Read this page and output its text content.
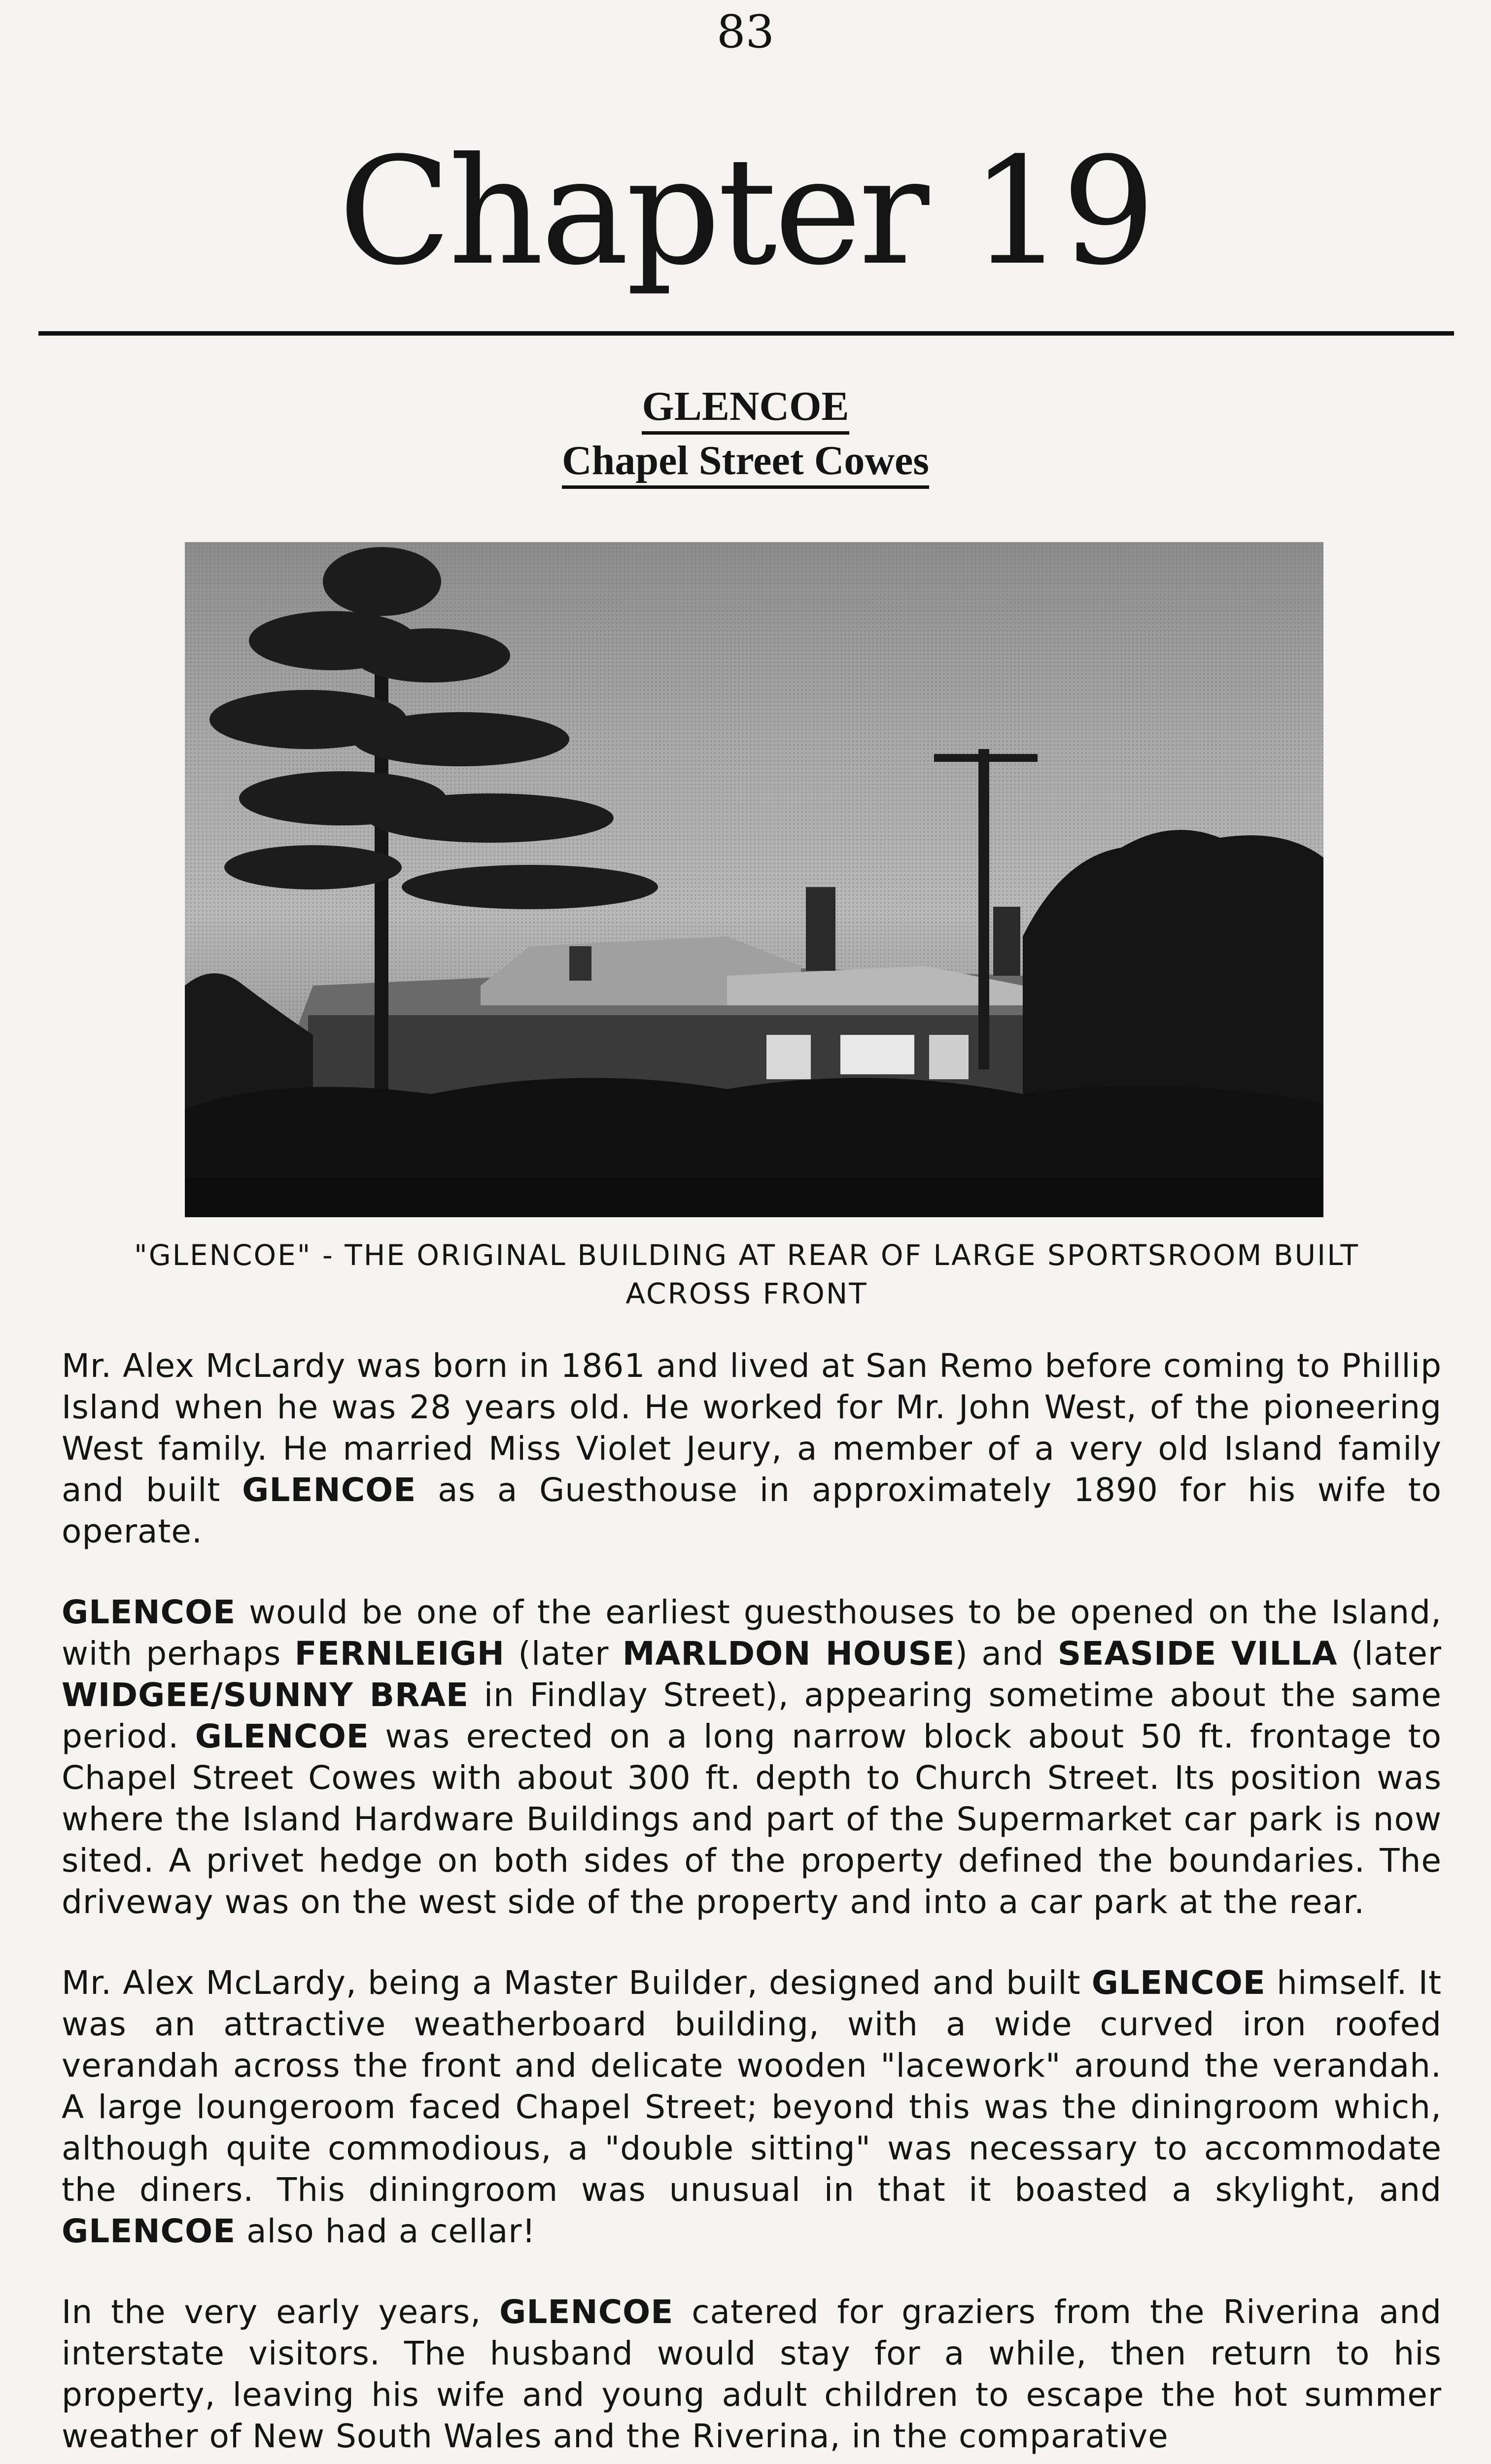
83
Chapter 19
GLENCOE
Chapel Street Cowes
"GLENCOE" - THE ORIGINAL BUILDING AT REAR OF LARGE SPORTSROOM BUILT ACROSS FRONT

Mr. Alex McLardy was born in 1861 and lived at San Remo before coming to Phillip Island when he was 28 years old. He worked for Mr. John West, of the pioneering West family. He married Miss Violet Jeury, a member of a very old Island family and built GLENCOE as a Guesthouse in approximately 1890 for his wife to operate.

GLENCOE would be one of the earliest guesthouses to be opened on the Island, with perhaps FERNLEIGH (later MARLDON HOUSE) and SEASIDE VILLA (later WIDGEE/SUNNY BRAE in Findlay Street), appearing sometime about the same period. GLENCOE was erected on a long narrow block about 50 ft. frontage to Chapel Street Cowes with about 300 ft. depth to Church Street. Its position was where the Island Hardware Buildings and part of the Supermarket car park is now sited. A privet hedge on both sides of the property defined the boundaries. The driveway was on the west side of the property and into a car park at the rear.

Mr. Alex McLardy, being a Master Builder, designed and built GLENCOE himself. It was an attractive weatherboard building, with a wide curved iron roofed verandah across the front and delicate wooden "lacework" around the verandah. A large loungeroom faced Chapel Street; beyond this was the diningroom which, although quite commodious, a "double sitting" was necessary to accommodate the diners. This diningroom was unusual in that it boasted a skylight, and GLENCOE also had a cellar!

In the very early years, GLENCOE catered for graziers from the Riverina and interstate visitors. The husband would stay for a while, then return to his property, leaving his wife and young adult children to escape the hot summer weather of New South Wales and the Riverina, in the comparative
